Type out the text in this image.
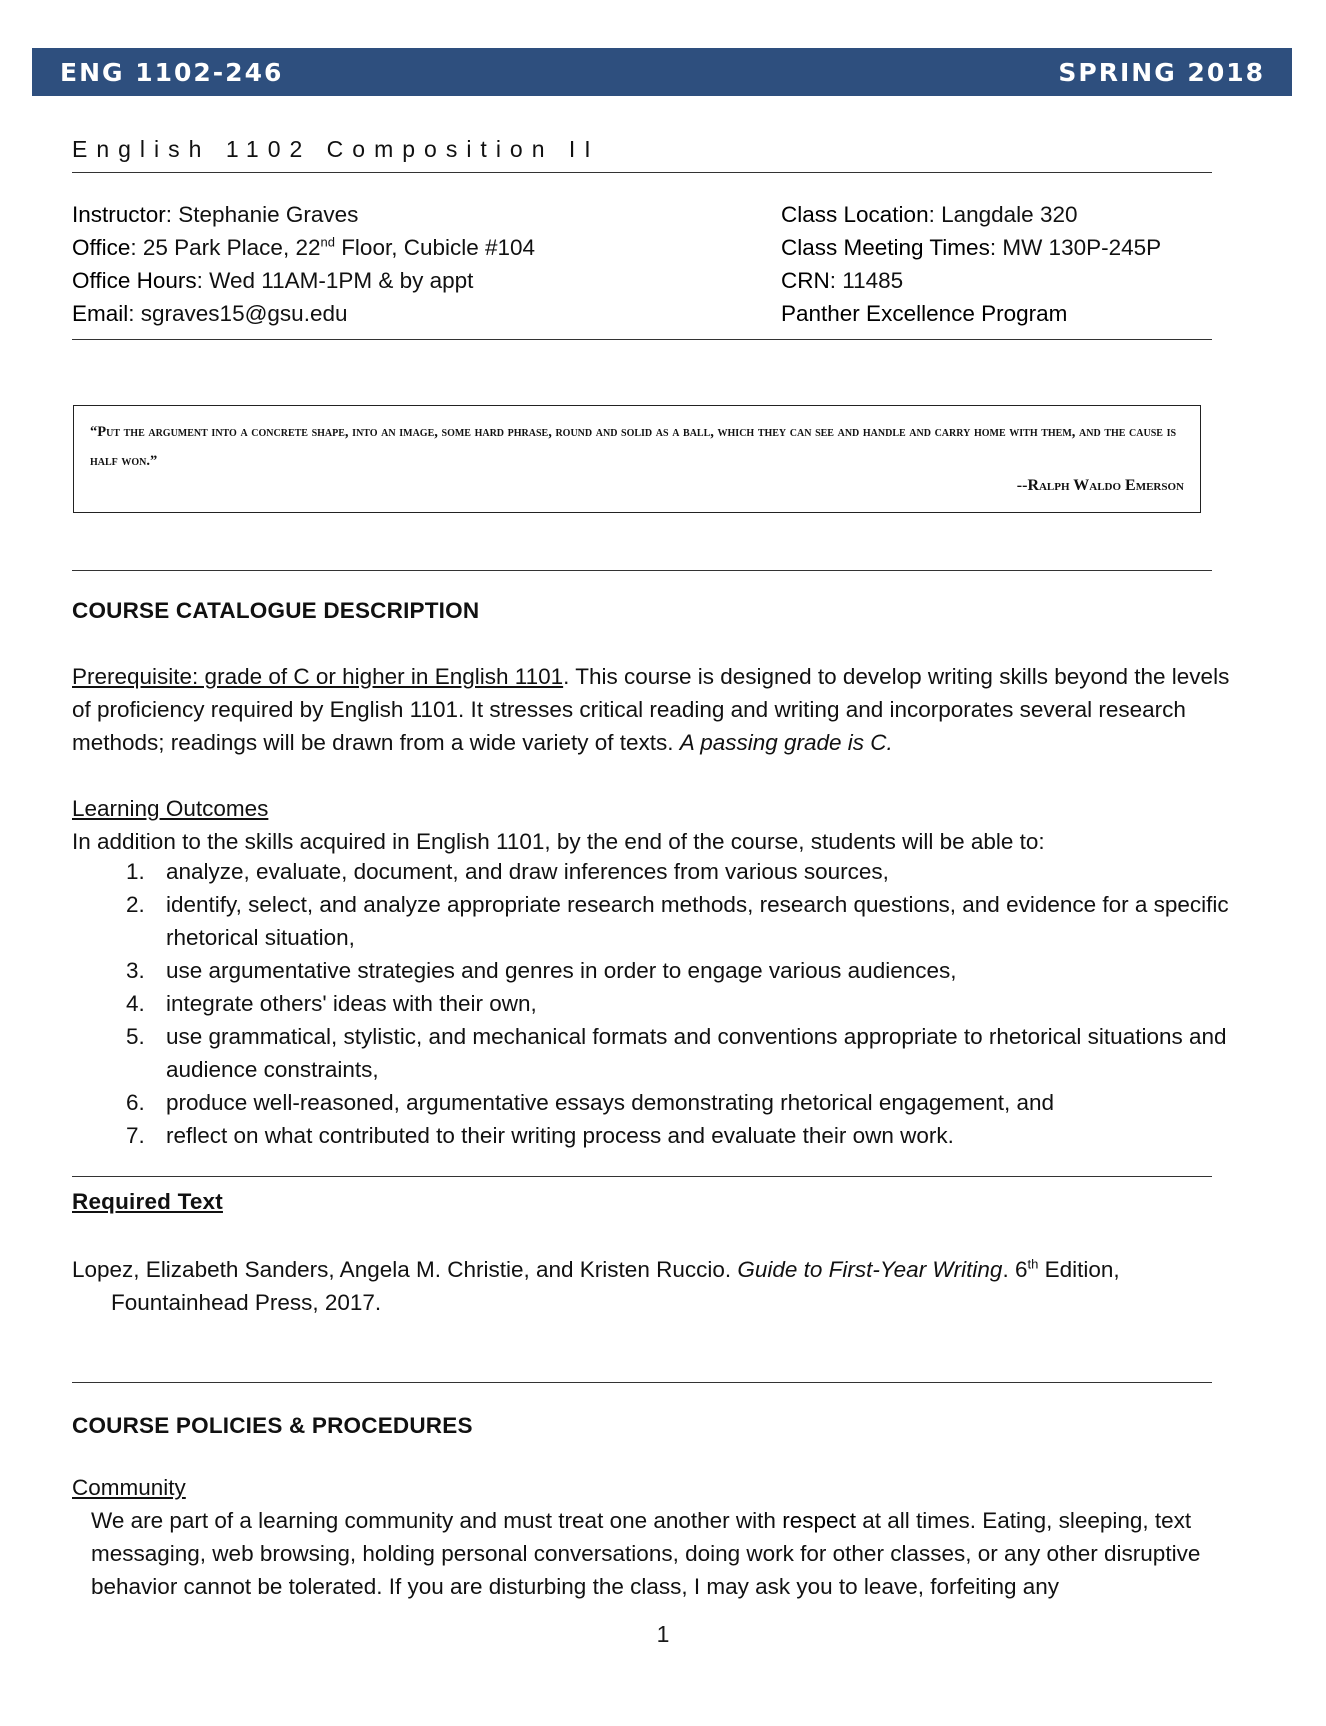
ENG 1102-246	SPRING 2018
English 1102 Composition II
Instructor: Stephanie Graves
Office: 25 Park Place, 22nd Floor, Cubicle #104
Office Hours: Wed 11AM-1PM & by appt
Email: sgraves15@gsu.edu
Class Location: Langdale 320
Class Meeting Times: MW 130P-245P
CRN: 11485
Panther Excellence Program
“Put the argument into a concrete shape, into an image, some hard phrase, round and solid as a ball, which they can see and handle and carry home with them, and the cause is half won.”
--Ralph Waldo Emerson
COURSE CATALOGUE DESCRIPTION
Prerequisite: grade of C or higher in English 1101. This course is designed to develop writing skills beyond the levels of proficiency required by English 1101. It stresses critical reading and writing and incorporates several research methods; readings will be drawn from a wide variety of texts. A passing grade is C.
Learning Outcomes
In addition to the skills acquired in English 1101, by the end of the course, students will be able to:
1. analyze, evaluate, document, and draw inferences from various sources,
2. identify, select, and analyze appropriate research methods, research questions, and evidence for a specific rhetorical situation,
3. use argumentative strategies and genres in order to engage various audiences,
4. integrate others' ideas with their own,
5. use grammatical, stylistic, and mechanical formats and conventions appropriate to rhetorical situations and audience constraints,
6. produce well-reasoned, argumentative essays demonstrating rhetorical engagement, and
7. reflect on what contributed to their writing process and evaluate their own work.
Required Text
Lopez, Elizabeth Sanders, Angela M. Christie, and Kristen Ruccio. Guide to First-Year Writing. 6th Edition,
Fountainhead Press, 2017.
COURSE POLICIES & PROCEDURES
Community
We are part of a learning community and must treat one another with respect at all times. Eating, sleeping, text messaging, web browsing, holding personal conversations, doing work for other classes, or any other disruptive behavior cannot be tolerated. If you are disturbing the class, I may ask you to leave, forfeiting any
1
